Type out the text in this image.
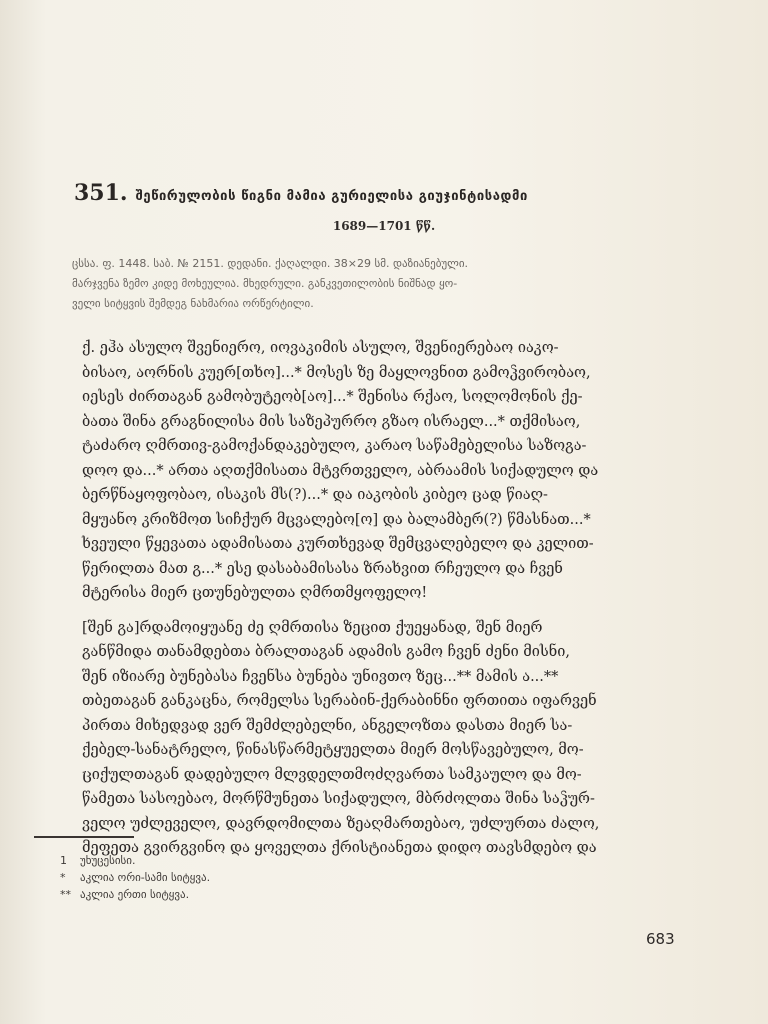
351. შეწირულობის წიგნი მამია გურიელისა გიუჯინტისადმი
1689—1701 წწ.
ცსსა. ფ. 1448. საბ. № 2151. დედანი. ქაღალდი. 38×29 სმ. დაზიანებული.
მარჯვენა ზემო კიდე მოხეულია. მხედრული. განკვეთილობის ნიშნად ყო-
ველი სიტყვის შემდეგ ნახმარია ორწერტილი.
ქ. ეჰა ასულო შვენიერო, იოვაკიმის ასულო, შვენიერებაო იაკო-
ბისაო, აორნის კუერ[თხო]...* მოსეს ზე მაყლოვნით გამოჴვირობაო,
იესეს ძირთაგან გამობუტეობ[აო]...* შენისა რქაო, სოლომონის ქე-
ბათა შინა გრაგნილისა მის საზეპურრო გზაო ისრაელ...* თქმისაო,
ტაძარო ღმრთივ-გამოქანდაკებულო, კარაო საწამებელისა საზოგა-
დოო და...* ართა აღთქმისათა მტვრთველო, აბრაამის სიქადულო და
ბერწნაყოფობაო, ისაკის მს(?)...* და იაკობის კიბეო ცად წიაღ-
მყუანო კრიზმოთ სიჩქურ მცვალებო[ო] და ბალამბერ(?) წმასნათ...*
ხვეული წყევათა ადამისათა კურთხევად შემცვალებელო და კელით-
წერილთა მათ გ...* ესე დასაბამისასა ზრახვით რჩეულო და ჩვენ
მტერისა მიერ ცთუნებულთა ღმრთმყოფელო!
[შენ გა]რდამოიყუანე ძე ღმრთისა ზეცით ქუეყანად, შენ მიერ
განწმიდა თანამდებთა ბრალთაგან ადამის გამო ჩვენ ძენი მისნი,
შენ იზიარე ბუნებასა ჩვენსა ბუნება უნივთო ზეც...** მამის ა...**
თბეთაგან განკაცნა, რომელსა სერაბინ-ქერაბინნი ფრთითა იფარვენ
პირთა მიხედვად ვერ შემძლებელნი, ანგელოზთა დასთა მიერ სა-
ქებელ-სანატრელო, წინასწარმეტყუელთა მიერ მოსწავებულო, მო-
ციქულთაგან დადებულო მლვდელთმოძღვართა სამკაულო და მო-
წამეთა სასოებაო, მორწმუნეთა სიქადულო, მბრძოლთა შინა საჴურ-
ველო უძლეველო, დავრდომილთა ზეაღმართებაო, უძლურთა ძალო,
მეფეთა გვირგვინო და ყოველთა ქრისტიანეთა დიდო თავსმდებო და
1 უხუცესისი.
* აკლია ორი-სამი სიტყვა.
** აკლია ერთი სიტყვა.
683
